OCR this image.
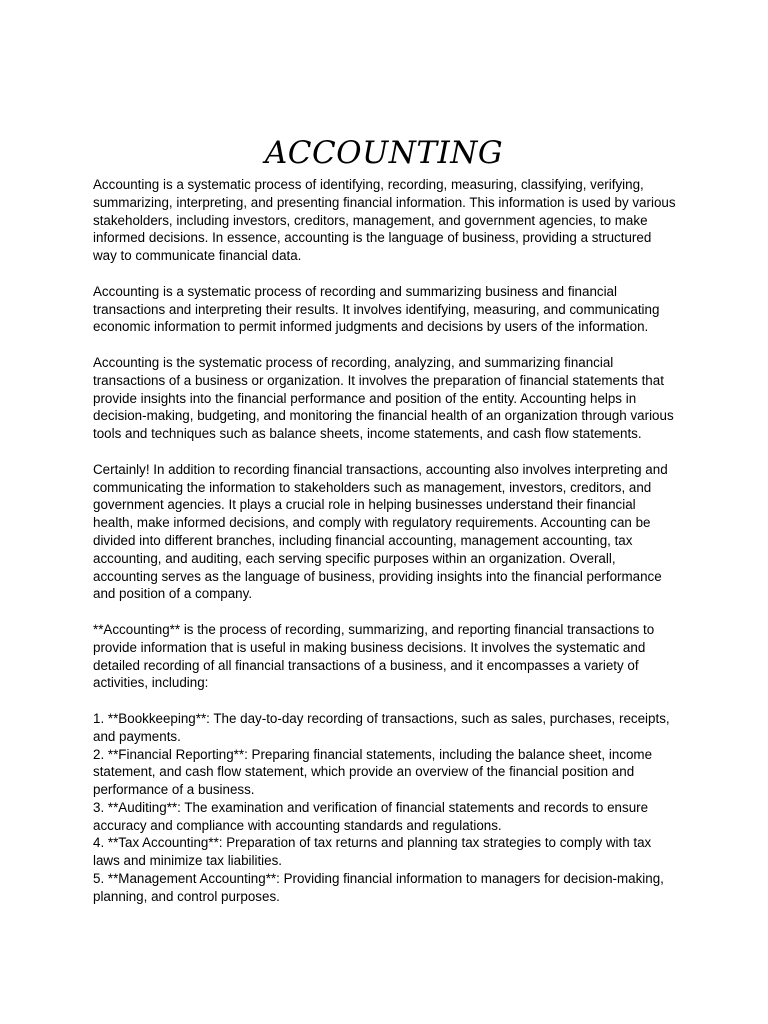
ACCOUNTING

Accounting is a systematic process of identifying, recording, measuring, classifying, verifying, summarizing, interpreting, and presenting financial information. This information is used by various stakeholders, including investors, creditors, management, and government agencies, to make informed decisions. In essence, accounting is the language of business, providing a structured way to communicate financial data.

Accounting is a systematic process of recording and summarizing business and financial transactions and interpreting their results. It involves identifying, measuring, and communicating economic information to permit informed judgments and decisions by users of the information.

Accounting is the systematic process of recording, analyzing, and summarizing financial transactions of a business or organization. It involves the preparation of financial statements that provide insights into the financial performance and position of the entity. Accounting helps in decision-making, budgeting, and monitoring the financial health of an organization through various tools and techniques such as balance sheets, income statements, and cash flow statements.

Certainly! In addition to recording financial transactions, accounting also involves interpreting and communicating the information to stakeholders such as management, investors, creditors, and government agencies. It plays a crucial role in helping businesses understand their financial health, make informed decisions, and comply with regulatory requirements. Accounting can be divided into different branches, including financial accounting, management accounting, tax accounting, and auditing, each serving specific purposes within an organization. Overall, accounting serves as the language of business, providing insights into the financial performance and position of a company.

**Accounting** is the process of recording, summarizing, and reporting financial transactions to provide information that is useful in making business decisions. It involves the systematic and detailed recording of all financial transactions of a business, and it encompasses a variety of activities, including:

1. **Bookkeeping**: The day-to-day recording of transactions, such as sales, purchases, receipts, and payments.
2. **Financial Reporting**: Preparing financial statements, including the balance sheet, income statement, and cash flow statement, which provide an overview of the financial position and performance of a business.
3. **Auditing**: The examination and verification of financial statements and records to ensure accuracy and compliance with accounting standards and regulations.
4. **Tax Accounting**: Preparation of tax returns and planning tax strategies to comply with tax laws and minimize tax liabilities.
5. **Management Accounting**: Providing financial information to managers for decision-making, planning, and control purposes.
